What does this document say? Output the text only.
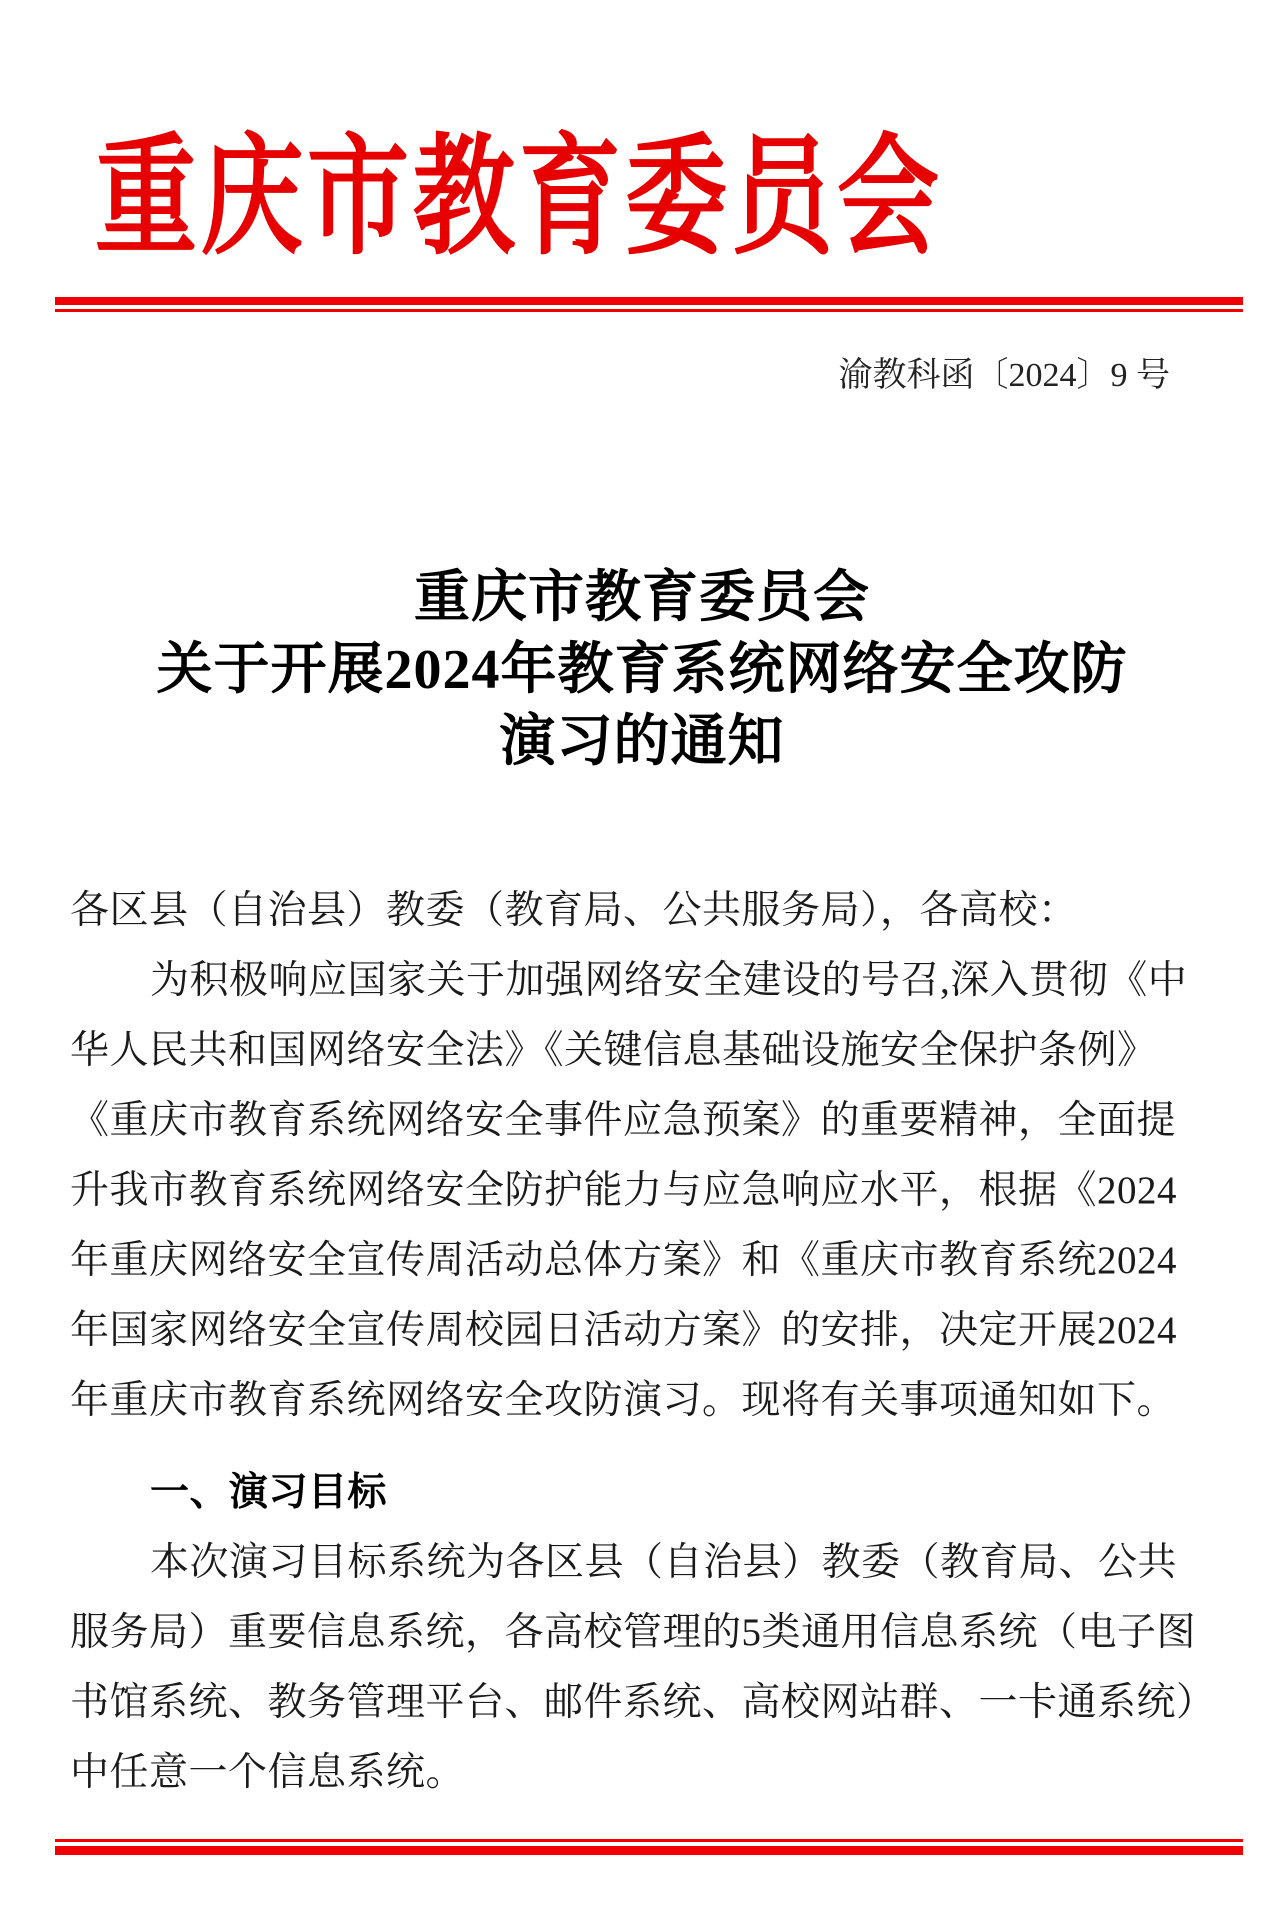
重庆市教育委员会
渝教科函〔2024〕9 号
重庆市教育委员会
关于开展2024年教育系统网络安全攻防
演习的通知
各区县（自治县）教委（教育局、公共服务局），各高校：
为积极响应国家关于加强网络安全建设的号召,深入贯彻《中
华人民共和国网络安全法》《关键信息基础设施安全保护条例》
《重庆市教育系统网络安全事件应急预案》的重要精神，全面提
升我市教育系统网络安全防护能力与应急响应水平，根据《2024
年重庆网络安全宣传周活动总体方案》和《重庆市教育系统2024
年国家网络安全宣传周校园日活动方案》的安排，决定开展2024
年重庆市教育系统网络安全攻防演习。现将有关事项通知如下。
一、演习目标
本次演习目标系统为各区县（自治县）教委（教育局、公共
服务局）重要信息系统，各高校管理的5类通用信息系统（电子图
书馆系统、教务管理平台、邮件系统、高校网站群、一卡通系统）
中任意一个信息系统。
